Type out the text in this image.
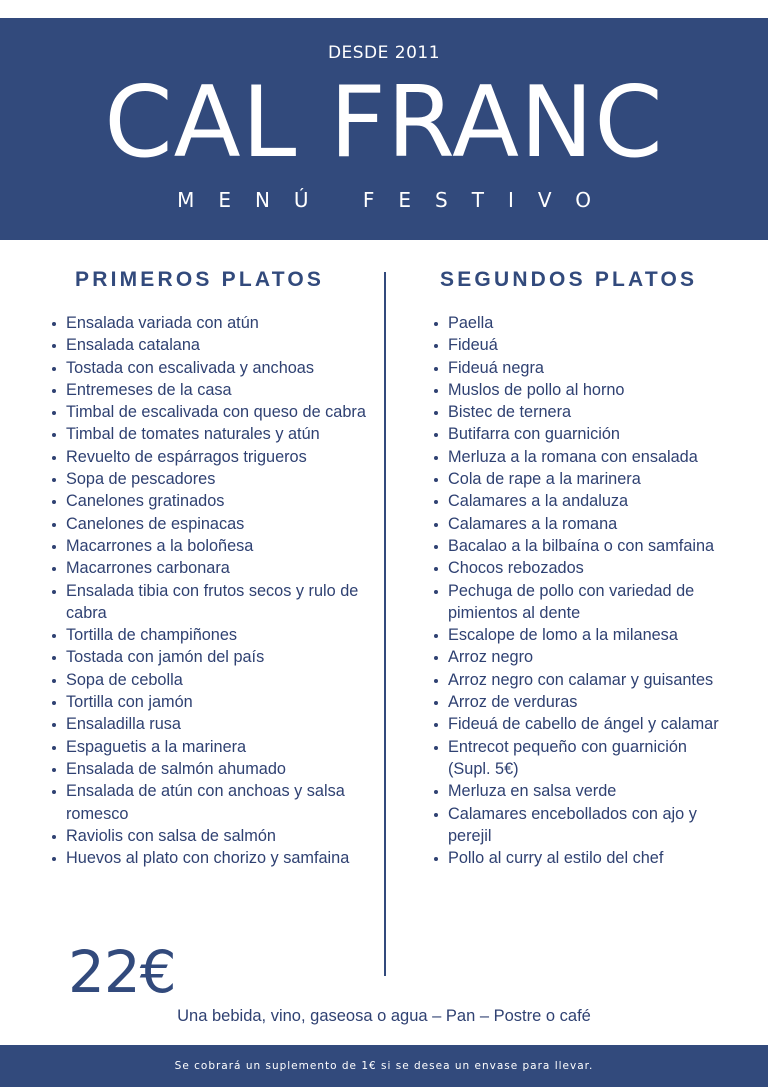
DESDE 2011
CAL FRANC
MENÚ FESTIVO
PRIMEROS PLATOS
Ensalada variada con atún
Ensalada catalana
Tostada con escalivada y anchoas
Entremeses de la casa
Timbal de escalivada con queso de cabra
Timbal de tomates naturales y atún
Revuelto de espárragos trigueros
Sopa de pescadores
Canelones gratinados
Canelones de espinacas
Macarrones a la boloñesa
Macarrones carbonara
Ensalada tibia con frutos secos y rulo de cabra
Tortilla de champiñones
Tostada con jamón del país
Sopa de cebolla
Tortilla con jamón
Ensaladilla rusa
Espaguetis a la marinera
Ensalada de salmón ahumado
Ensalada de atún con anchoas y salsa romesco
Raviolis con salsa de salmón
Huevos al plato con chorizo y samfaina
SEGUNDOS PLATOS
Paella
Fideuá
Fideuá negra
Muslos de pollo al horno
Bistec de ternera
Butifarra con guarnición
Merluza a la romana con ensalada
Cola de rape a la marinera
Calamares a la andaluza
Calamares a la romana
Bacalao a la bilbaína o con samfaina
Chocos rebozados
Pechuga de pollo con variedad de pimientos al dente
Escalope de lomo a la milanesa
Arroz negro
Arroz negro con calamar y guisantes
Arroz de verduras
Fideuá de cabello de ángel y calamar
Entrecot pequeño con guarnición (Supl. 5€)
Merluza en salsa verde
Calamares encebollados con ajo y perejil
Pollo al curry al estilo del chef
22€
Una bebida, vino, gaseosa o agua – Pan – Postre o café
Se cobrará un suplemento de 1€ si se desea un envase para llevar.
